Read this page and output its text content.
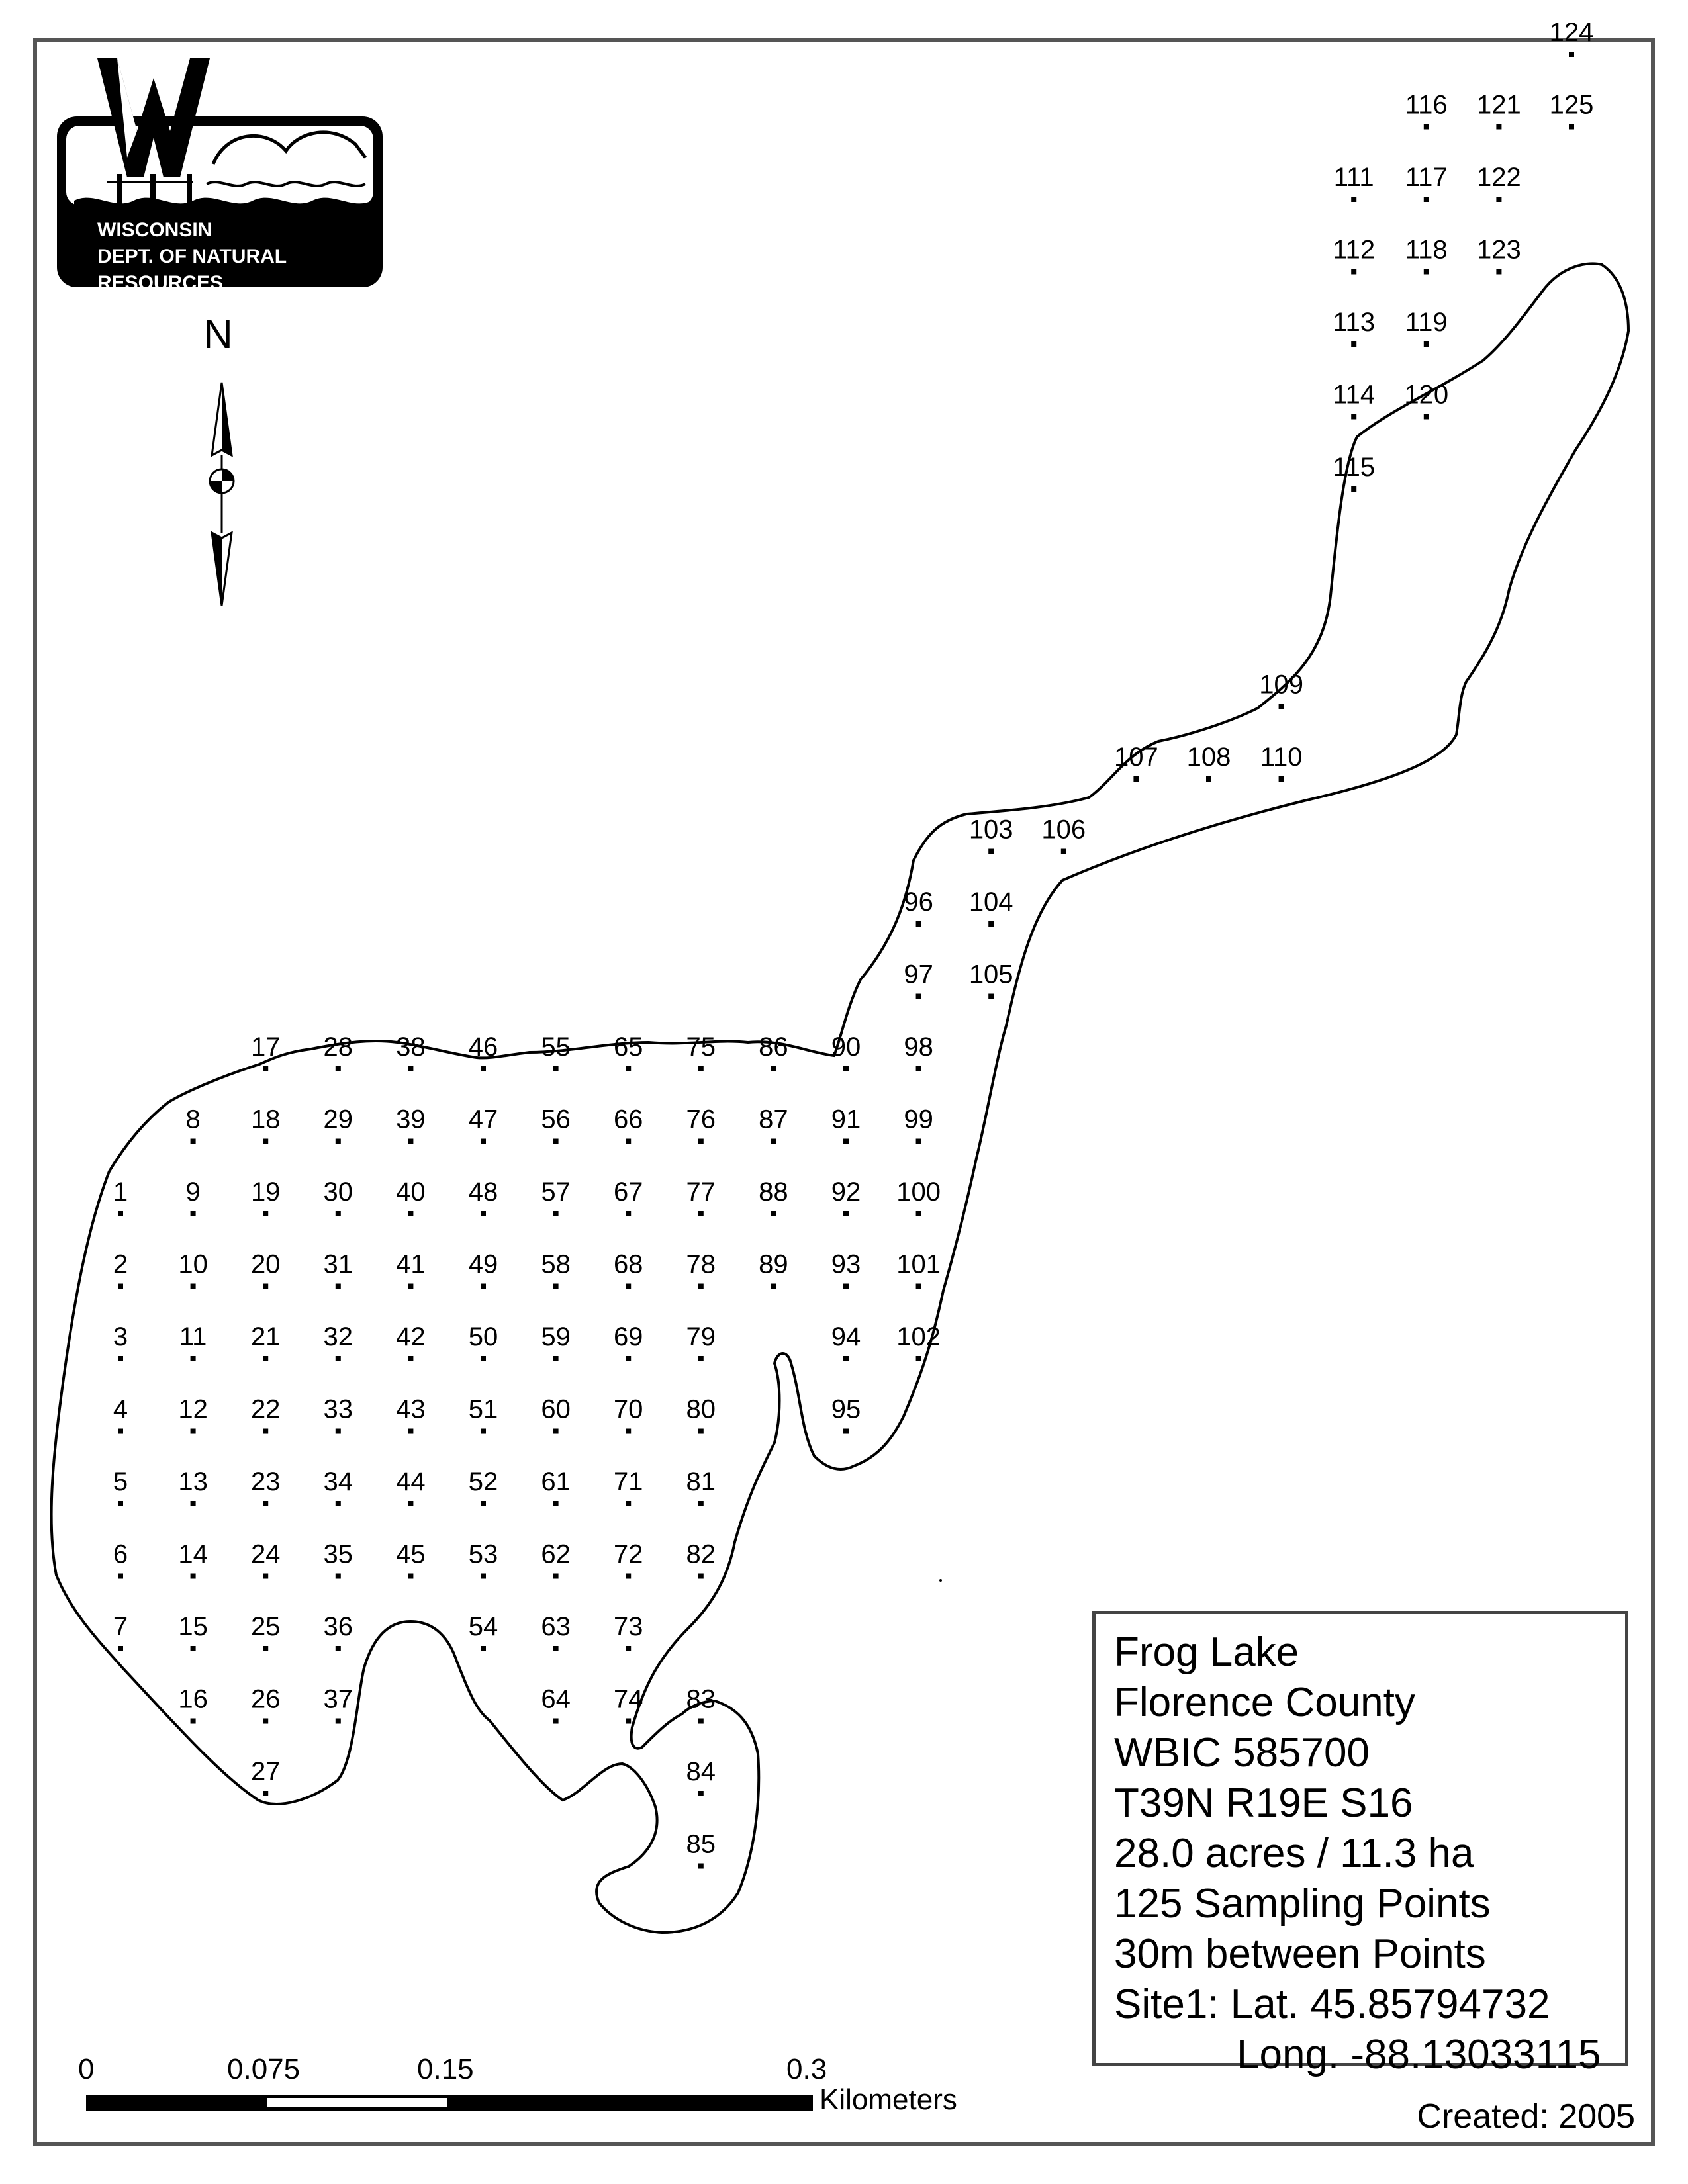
1
2
3
4
5
6
7
8
9
10
11
12
13
14
15
16
17
18
19
20
21
22
23
24
25
26
27
28
29
30
31
32
33
34
35
36
37
38
39
40
41
42
43
44
45
46
47
48
49
50
51
52
53
54
55
56
57
58
59
60
61
62
63
64
65
66
67
68
69
70
71
72
73
74
75
76
77
78
79
80
81
82
83
84
85
86
87
88
89
90
91
92
93
94
95
96
97
98
99
100
101
102
103
104
105
106
107 108
109
110
111
112
113
114
115
116
117
118
119
120
121
122
123
124
125
WISCONSIN
DEPT. OF NATURAL RESOURCES
N
0	0.075	0.15	0.3
Kilometers
Frog Lake
Florence County
WBIC 585700
T39N R19E S16
28.0 acres / 11.3 ha
125 Sampling Points
30m between Points
Site1: Lat. 45.85794732
Long. -88.13033115
Created: 2005
